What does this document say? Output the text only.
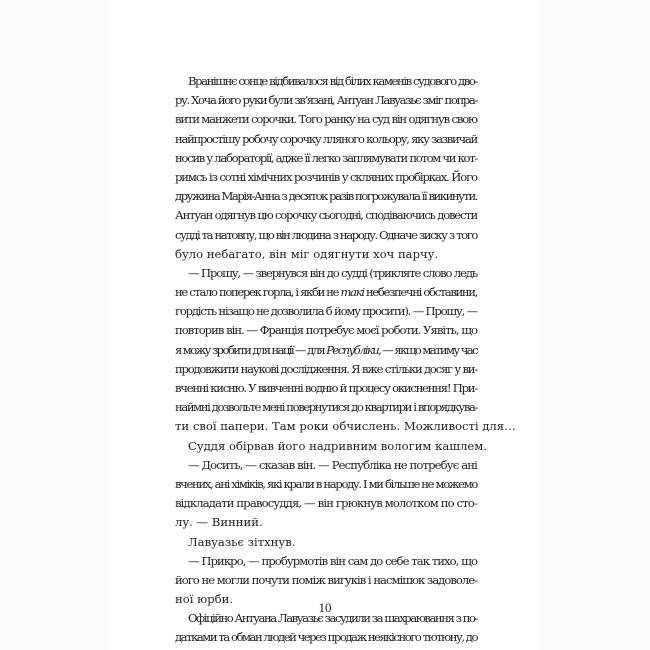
Вранішнє сонце відбивалося від білих каменів судового дво-
ру. Хоча його руки були зв’язані, Антуан Лавуазьє зміг попра-
вити манжети сорочки. Того ранку на суд він одягнув свою
найпростішу робочу сорочку лляного кольору, яку зазвичай
носив у лабораторії, адже її легко заплямувати потом чи кот-
римсь із сотні хімічних розчинів у скляних пробірках. Його
дружина Марія-Анна з десяток разів погрожувала її викинути.
Антуан одягнув цю сорочку сьогодні, сподіваючись довести
судді та натовпу, що він людина з народу. Одначе зиску з того
було небагато, він міг одягнути хоч парчу.
— Прошу, — звернувся він до судді (трикляте слово ледь
не стало поперек горла, і якби не такі небезпечні обставини,
гордість нізащо не дозволила б йому просити). — Прошу, —
повторив він. — Франція потребує моєї роботи. Уявіть, що
я можу зробити для нації — для Республіки, — якщо матиму час
продовжити наукові дослідження. Я вже стільки досяг у ви-
вченні кисню. У вивченні водню й процесу окиснення! При-
наймні дозвольте мені повернутися до квартири і впорядкува-
ти свої папери. Там роки обчислень. Можливості для…
Суддя обірвав його надривним вологим кашлем.
— Досить, — сказав він. — Республіка не потребує ані
вчених, ані хіміків, які крали в народу. І ми більше не можемо
відкладати правосуддя, — він грюкнув молотком по сто-
лу. — Винний.
Лавуазьє зітхнув.
— Прикро, — пробурмотів він сам до себе так тихо, що
його не могли почути поміж вигуків і насмішок задоволе-
ної юрби.
Офіційно Антуана Лавуазьє засудили за шахраювання з по-
датками та обман людей через продаж неякісного тютюну, до
10
